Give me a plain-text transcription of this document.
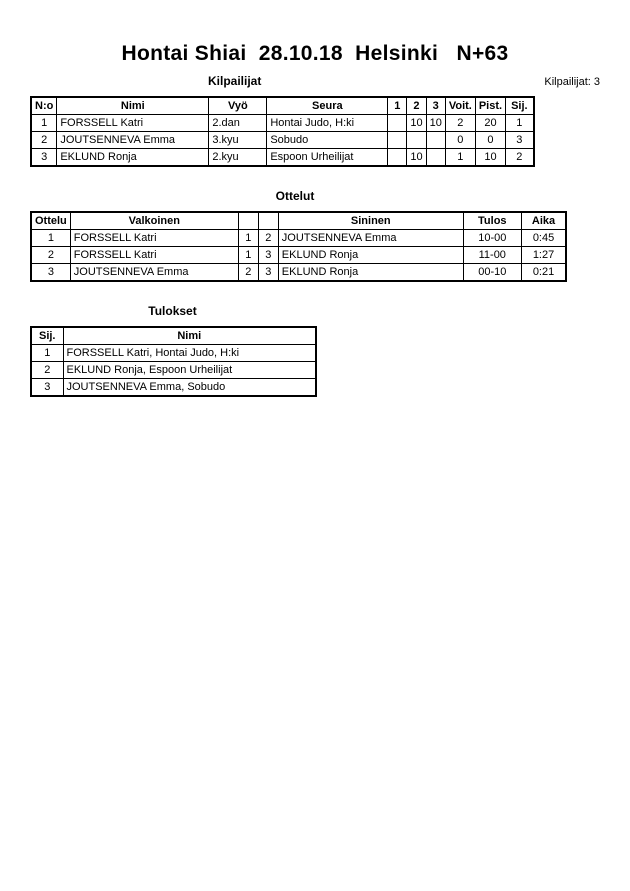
Hontai Shiai  28.10.18  Helsinki   N+63
Kilpailijat	Kilpailijat: 3
N:o	Nimi	Vyö	Seura	1	2	3	Voit.	Pist.	Sij.
1	FORSSELL Katri	2.dan	Hontai Judo, H:ki		10	10	2	20	1
2	JOUTSENNEVA Emma	3.kyu	Sobudo				0	0	3
3	EKLUND Ronja	2.kyu	Espoon Urheilijat		10		1	10	2
Ottelut
Ottelu	Valkoinen			Sininen	Tulos	Aika
1	FORSSELL Katri	1	2	JOUTSENNEVA Emma	10-00	0:45
2	FORSSELL Katri	1	3	EKLUND Ronja	11-00	1:27
3	JOUTSENNEVA Emma	2	3	EKLUND Ronja	00-10	0:21
Tulokset
Sij.	Nimi
1	FORSSELL Katri, Hontai Judo, H:ki
2	EKLUND Ronja, Espoon Urheilijat
3	JOUTSENNEVA Emma, Sobudo
